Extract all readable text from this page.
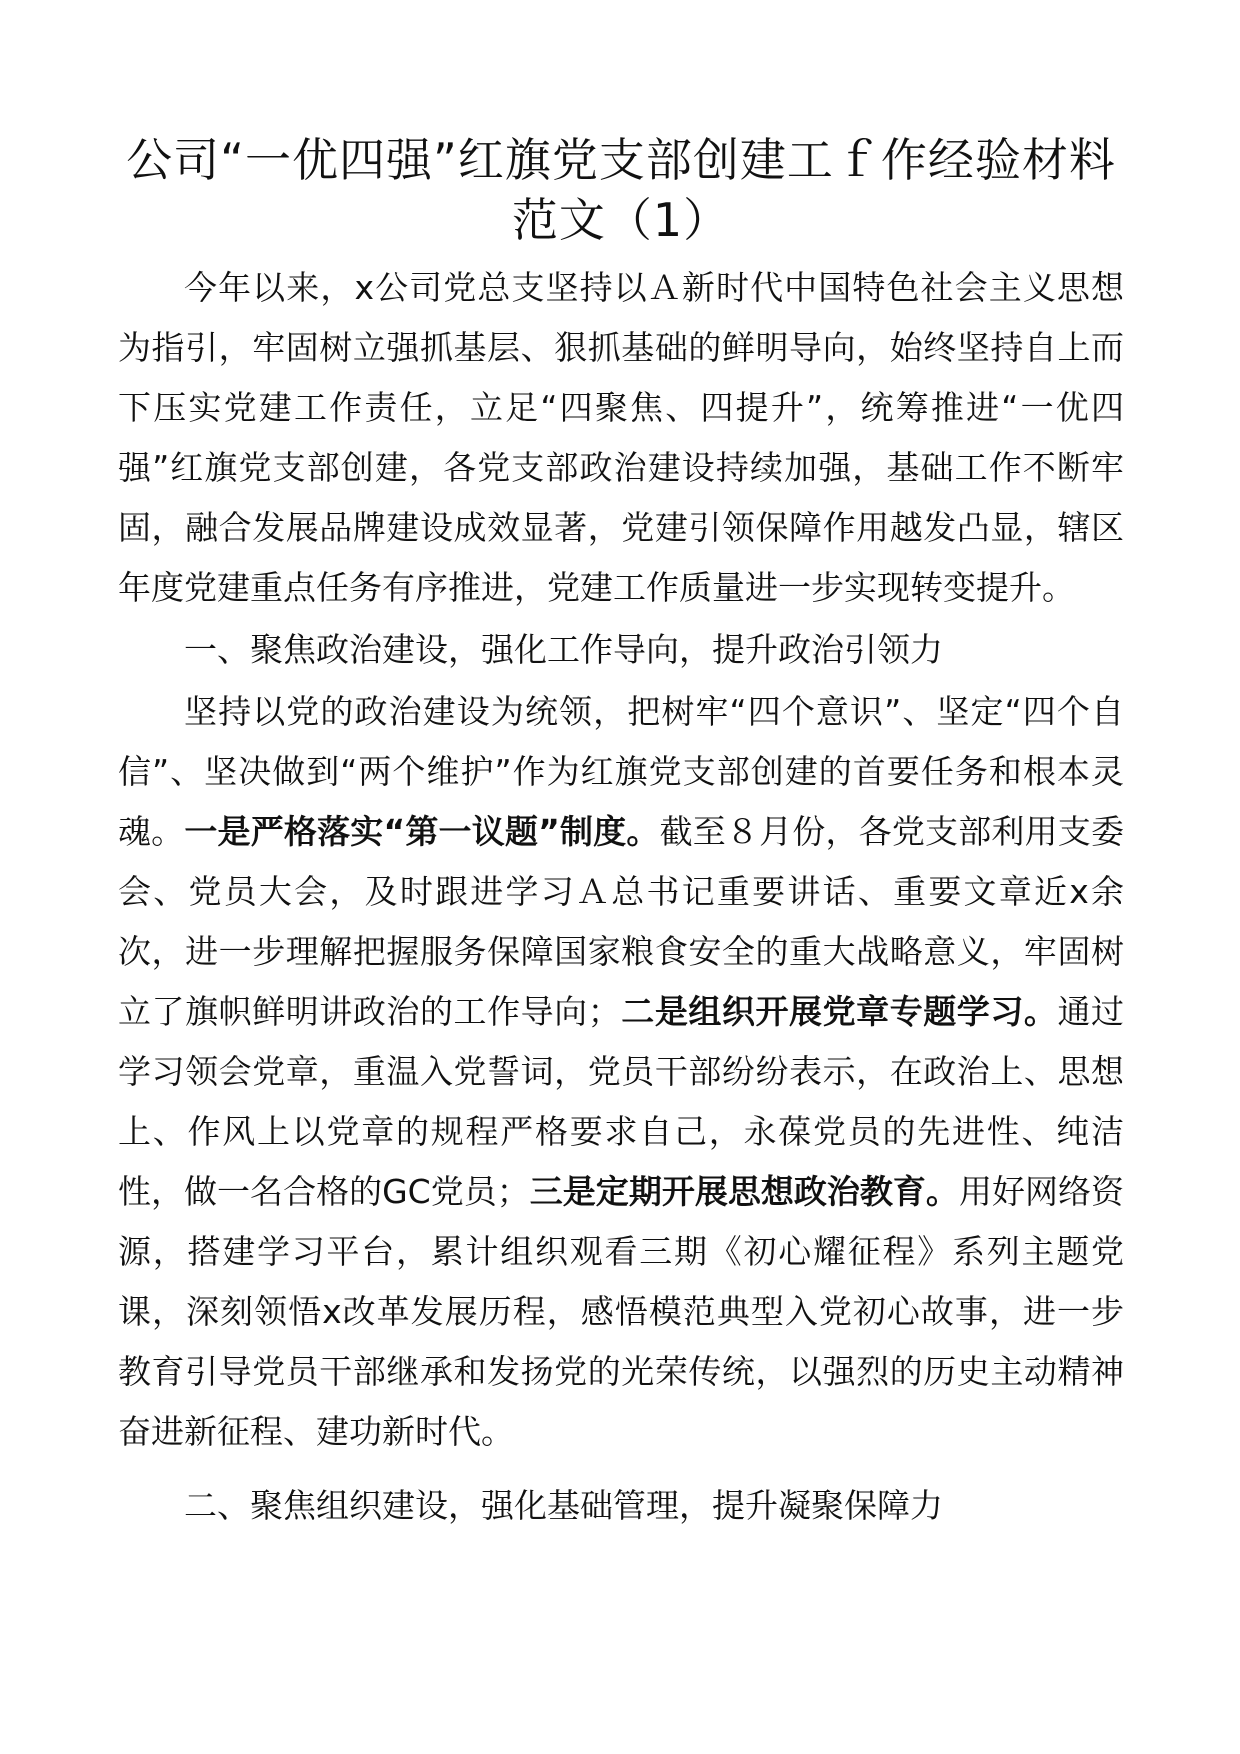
公司“一优四强”红旗党支部创建工ｆ作经验材料
范文（1）

今年以来，x公司党总支坚持以Ａ新时代中国特色社会主义思想为指引，牢固树立强抓基层、狠抓基础的鲜明导向，始终坚持自上而下压实党建工作责任，立足“四聚焦、四提升”，统筹推进“一优四强”红旗党支部创建，各党支部政治建设持续加强，基础工作不断牢固，融合发展品牌建设成效显著，党建引领保障作用越发凸显，辖区年度党建重点任务有序推进，党建工作质量进一步实现转变提升。

一、聚焦政治建设，强化工作导向，提升政治引领力

坚持以党的政治建设为统领，把树牢“四个意识”、坚定“四个自信”、坚决做到“两个维护”作为红旗党支部创建的首要任务和根本灵魂。一是严格落实“第一议题”制度。截至８月份，各党支部利用支委会、党员大会，及时跟进学习Ａ总书记重要讲话、重要文章近x余次，进一步理解把握服务保障国家粮食安全的重大战略意义，牢固树立了旗帜鲜明讲政治的工作导向；二是组织开展党章专题学习。通过学习领会党章，重温入党誓词，党员干部纷纷表示，在政治上、思想上、作风上以党章的规程严格要求自己，永葆党员的先进性、纯洁性，做一名合格的GC党员；三是定期开展思想政治教育。用好网络资源，搭建学习平台，累计组织观看三期《初心耀征程》系列主题党课，深刻领悟x改革发展历程，感悟模范典型入党初心故事，进一步教育引导党员干部继承和发扬党的光荣传统，以强烈的历史主动精神奋进新征程、建功新时代。

二、聚焦组织建设，强化基础管理，提升凝聚保障力
